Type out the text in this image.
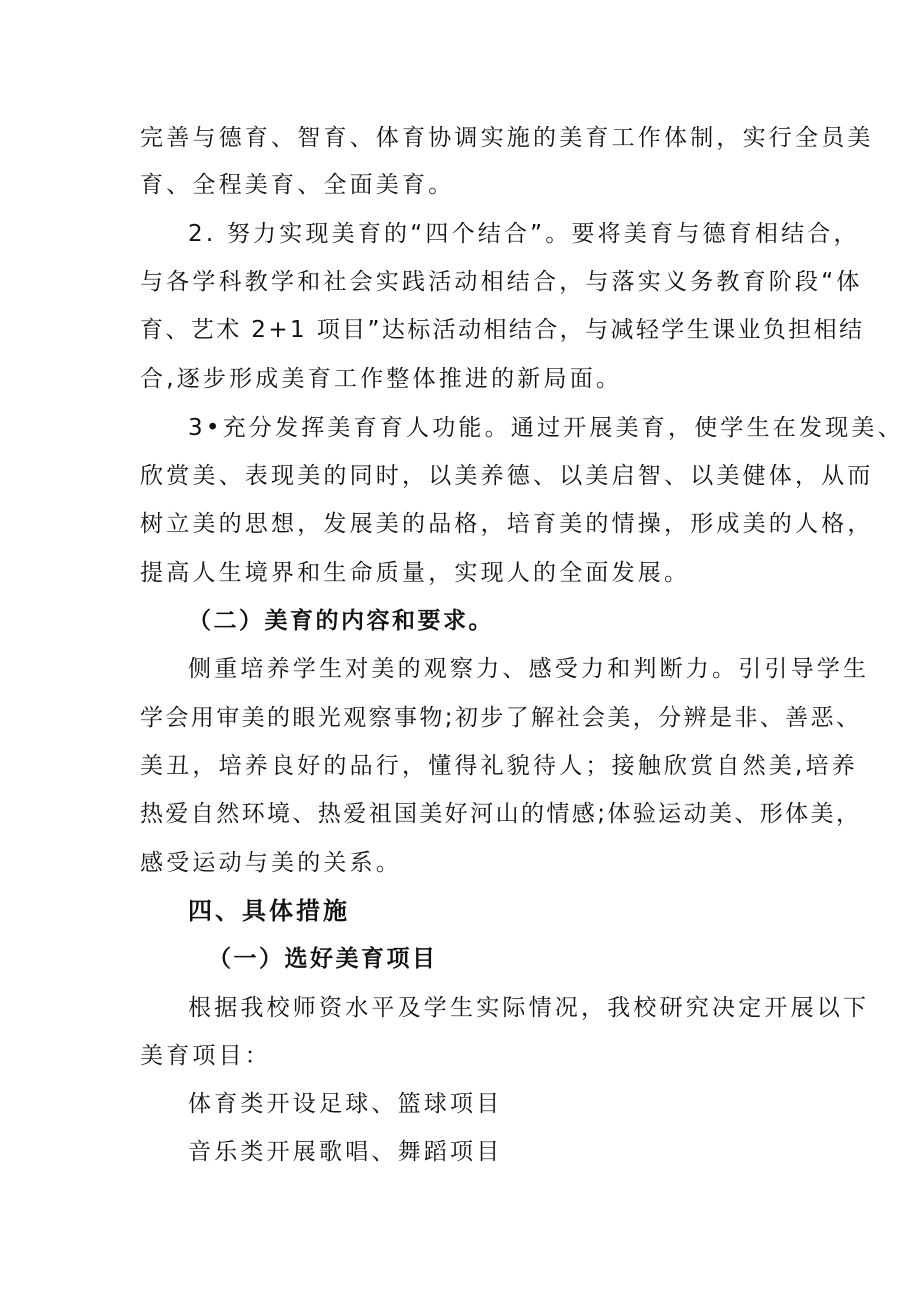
完善与德育、智育、体育协调实施的美育工作体制，实行全员美
育、全程美育、全面美育。
2. 努力实现美育的“四个结合”。要将美育与德育相结合，
与各学科教学和社会实践活动相结合，与落实义务教育阶段“体
育、艺术 2+1 项目”达标活动相结合，与减轻学生课业负担相结
合,逐步形成美育工作整体推进的新局面。
3•充分发挥美育育人功能。通过开展美育，使学生在发现美、
欣赏美、表现美的同时，以美养德、以美启智、以美健体，从而
树立美的思想，发展美的品格，培育美的情操，形成美的人格，
提高人生境界和生命质量，实现人的全面发展。
（二）美育的内容和要求。
侧重培养学生对美的观察力、感受力和判断力。引引导学生
学会用审美的眼光观察事物;初步了解社会美，分辨是非、善恶、
美丑，培养良好的品行，懂得礼貌待人；接触欣赏自然美,培养
热爱自然环境、热爱祖国美好河山的情感;体验运动美、形体美，
感受运动与美的关系。
四、具体措施
（一）选好美育项目
根据我校师资水平及学生实际情况，我校研究决定开展以下
美育项目：
体育类开设足球、篮球项目
音乐类开展歌唱、舞蹈项目
